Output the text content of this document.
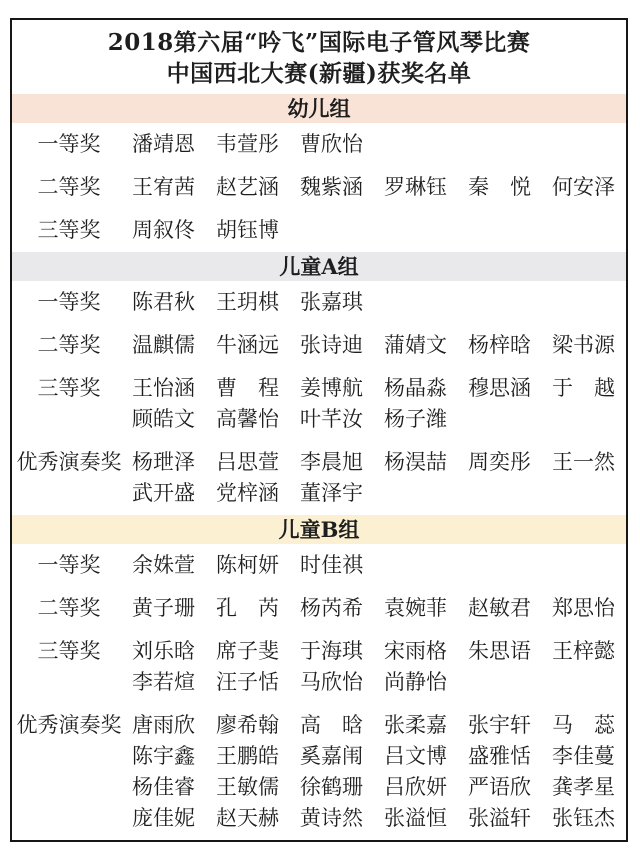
2018第六届“吟飞”国际电子管风琴比赛
中国西北大赛(新疆)获奖名单
幼儿组
一等奖	潘靖恩	韦萱彤	曹欣怡
二等奖	王宥茜	赵艺涵	魏紫涵	罗琳钰	秦　悦	何安泽
三等奖	周叙佟	胡钰博
儿童A组
一等奖	陈君秋	王玥棋	张嘉琪
二等奖	温麒儒	牛涵远	张诗迪	蒲婧文	杨梓晗	梁书源
三等奖	王怡涵	曹　程	姜博航	杨晶淼	穆思涵	于　越
顾皓文	高馨怡	叶芊汝	杨子潍
优秀演奏奖 杨玴泽	吕思萱	李晨旭	杨淏喆	周奕彤	王一然
武开盛	党梓涵	董泽宇
儿童B组
一等奖	余姝萱	陈柯妍	时佳祺
二等奖	黄子珊	孔　芮	杨芮希	袁婉菲	赵敏君	郑思怡
三等奖	刘乐晗	席子斐	于海琪	宋雨格	朱思语	王梓懿
李若煊	汪子恬	马欣怡	尚静怡
优秀演奏奖 唐雨欣	廖希翰	高　晗	张柔嘉	张宇轩	马　蕊
陈宇鑫	王鹏皓	奚嘉闱	吕文博	盛雅恬	李佳蔓
杨佳睿	王敏儒	徐鹤珊	吕欣妍	严语欣	龚孝星
庞佳妮	赵天赫	黄诗然	张溢恒	张溢轩	张钰杰
